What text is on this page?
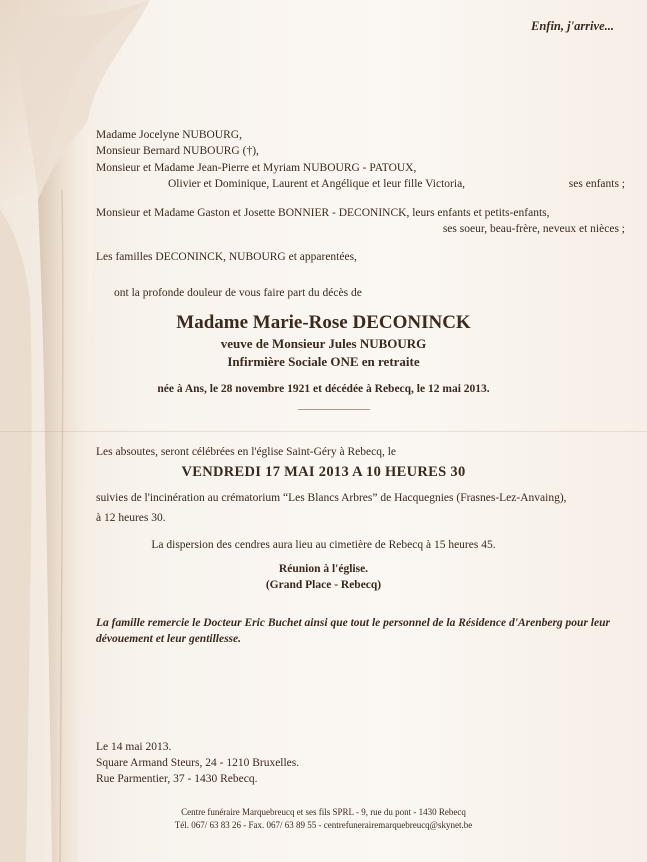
Enfin, j'arrive...
Madame Jocelyne NUBOURG,
Monsieur Bernard NUBOURG (†),
Monsieur et Madame Jean-Pierre et Myriam NUBOURG - PATOUX,
Olivier et Dominique, Laurent et Angélique et leur fille Victoria,	ses enfants ;
Monsieur et Madame Gaston et Josette BONNIER - DECONINCK, leurs enfants et petits-enfants,
ses soeur, beau-frère, neveux et nièces ;
Les familles DECONINCK, NUBOURG et apparentées,
ont la profonde douleur de vous faire part du décès de
Madame Marie-Rose DECONINCK
veuve de Monsieur Jules NUBOURG
Infirmière Sociale ONE en retraite
née à Ans, le 28 novembre 1921 et décédée à Rebecq, le 12 mai 2013.
Les absoutes, seront célébrées en l'église Saint-Géry à Rebecq, le
VENDREDI 17 MAI 2013 A 10 HEURES 30
suivies de l'incinération au crématorium “Les Blancs Arbres” de Hacquegnies (Frasnes-Lez-Anvaing),
à 12 heures 30.
La dispersion des cendres aura lieu au cimetière de Rebecq à 15 heures 45.
Réunion à l'église.
(Grand Place - Rebecq)
La famille remercie le Docteur Eric Buchet ainsi que tout le personnel de la Résidence d'Arenberg pour leur dévouement et leur gentillesse.
Le 14 mai 2013.
Square Armand Steurs, 24 - 1210 Bruxelles.
Rue Parmentier, 37 - 1430 Rebecq.
Centre funéraire Marquebreucq et ses fils SPRL - 9, rue du pont - 1430 Rebecq
Tél. 067/ 63 83 26 - Fax. 067/ 63 89 55 - centrefunerairemarquebreucq@skynet.be
